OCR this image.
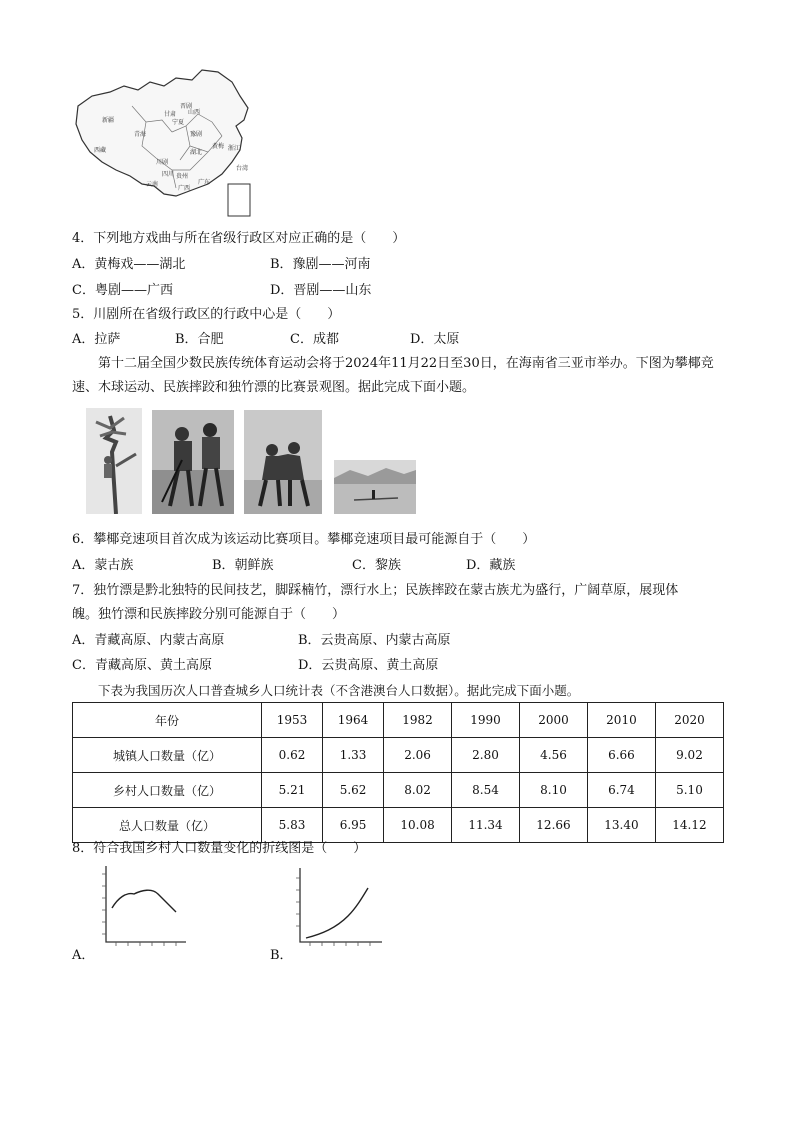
新疆
西藏
川剧
青海
甘肃
宁夏
山西
豫剧
黄梅
湖北
四川 贵州
云南	广东
广西
晋剧
浙江
台湾
4．下列地方戏曲与所在省级行政区对应正确的是（　　）
A．黄梅戏——湖北	B．豫剧——河南
C．粤剧——广西	D．晋剧——山东
5．川剧所在省级行政区的行政中心是（　　）
A．拉萨	B．合肥	C．成都	D．太原
第十二届全国少数民族传统体育运动会将于2024年11月22日至30日，在海南省三亚市举办。下图为攀椰竞速、木球运动、民族摔跤和独竹漂的比赛景观图。据此完成下面小题。
6．攀椰竞速项目首次成为该运动比赛项目。攀椰竞速项目最可能源自于（　　）
A．蒙古族	B．朝鲜族	C．黎族	D．藏族
7．独竹漂是黔北独特的民间技艺，脚踩楠竹，漂行水上；民族摔跤在蒙古族尤为盛行，广阔草原，展现体
魄。独竹漂和民族摔跤分别可能源自于（　　）
A．青藏高原、内蒙古高原	B．云贵高原、内蒙古高原
C．青藏高原、黄土高原	D．云贵高原、黄土高原
下表为我国历次人口普查城乡人口统计表（不含港澳台人口数据）。据此完成下面小题。
年份	1953	1964	1982	1990	2000	2010	2020
城镇人口数量（亿）	0.62	1.33	2.06	2.80	4.56	6.66	9.02
乡村人口数量（亿）	5.21	5.62	8.02	8.54	8.10	6.74	5.10
总人口数量（亿）	5.83	6.95	10.08	11.34	12.66	13.40	14.12
8．符合我国乡村人口数量变化的折线图是（　　）
A．	B．
